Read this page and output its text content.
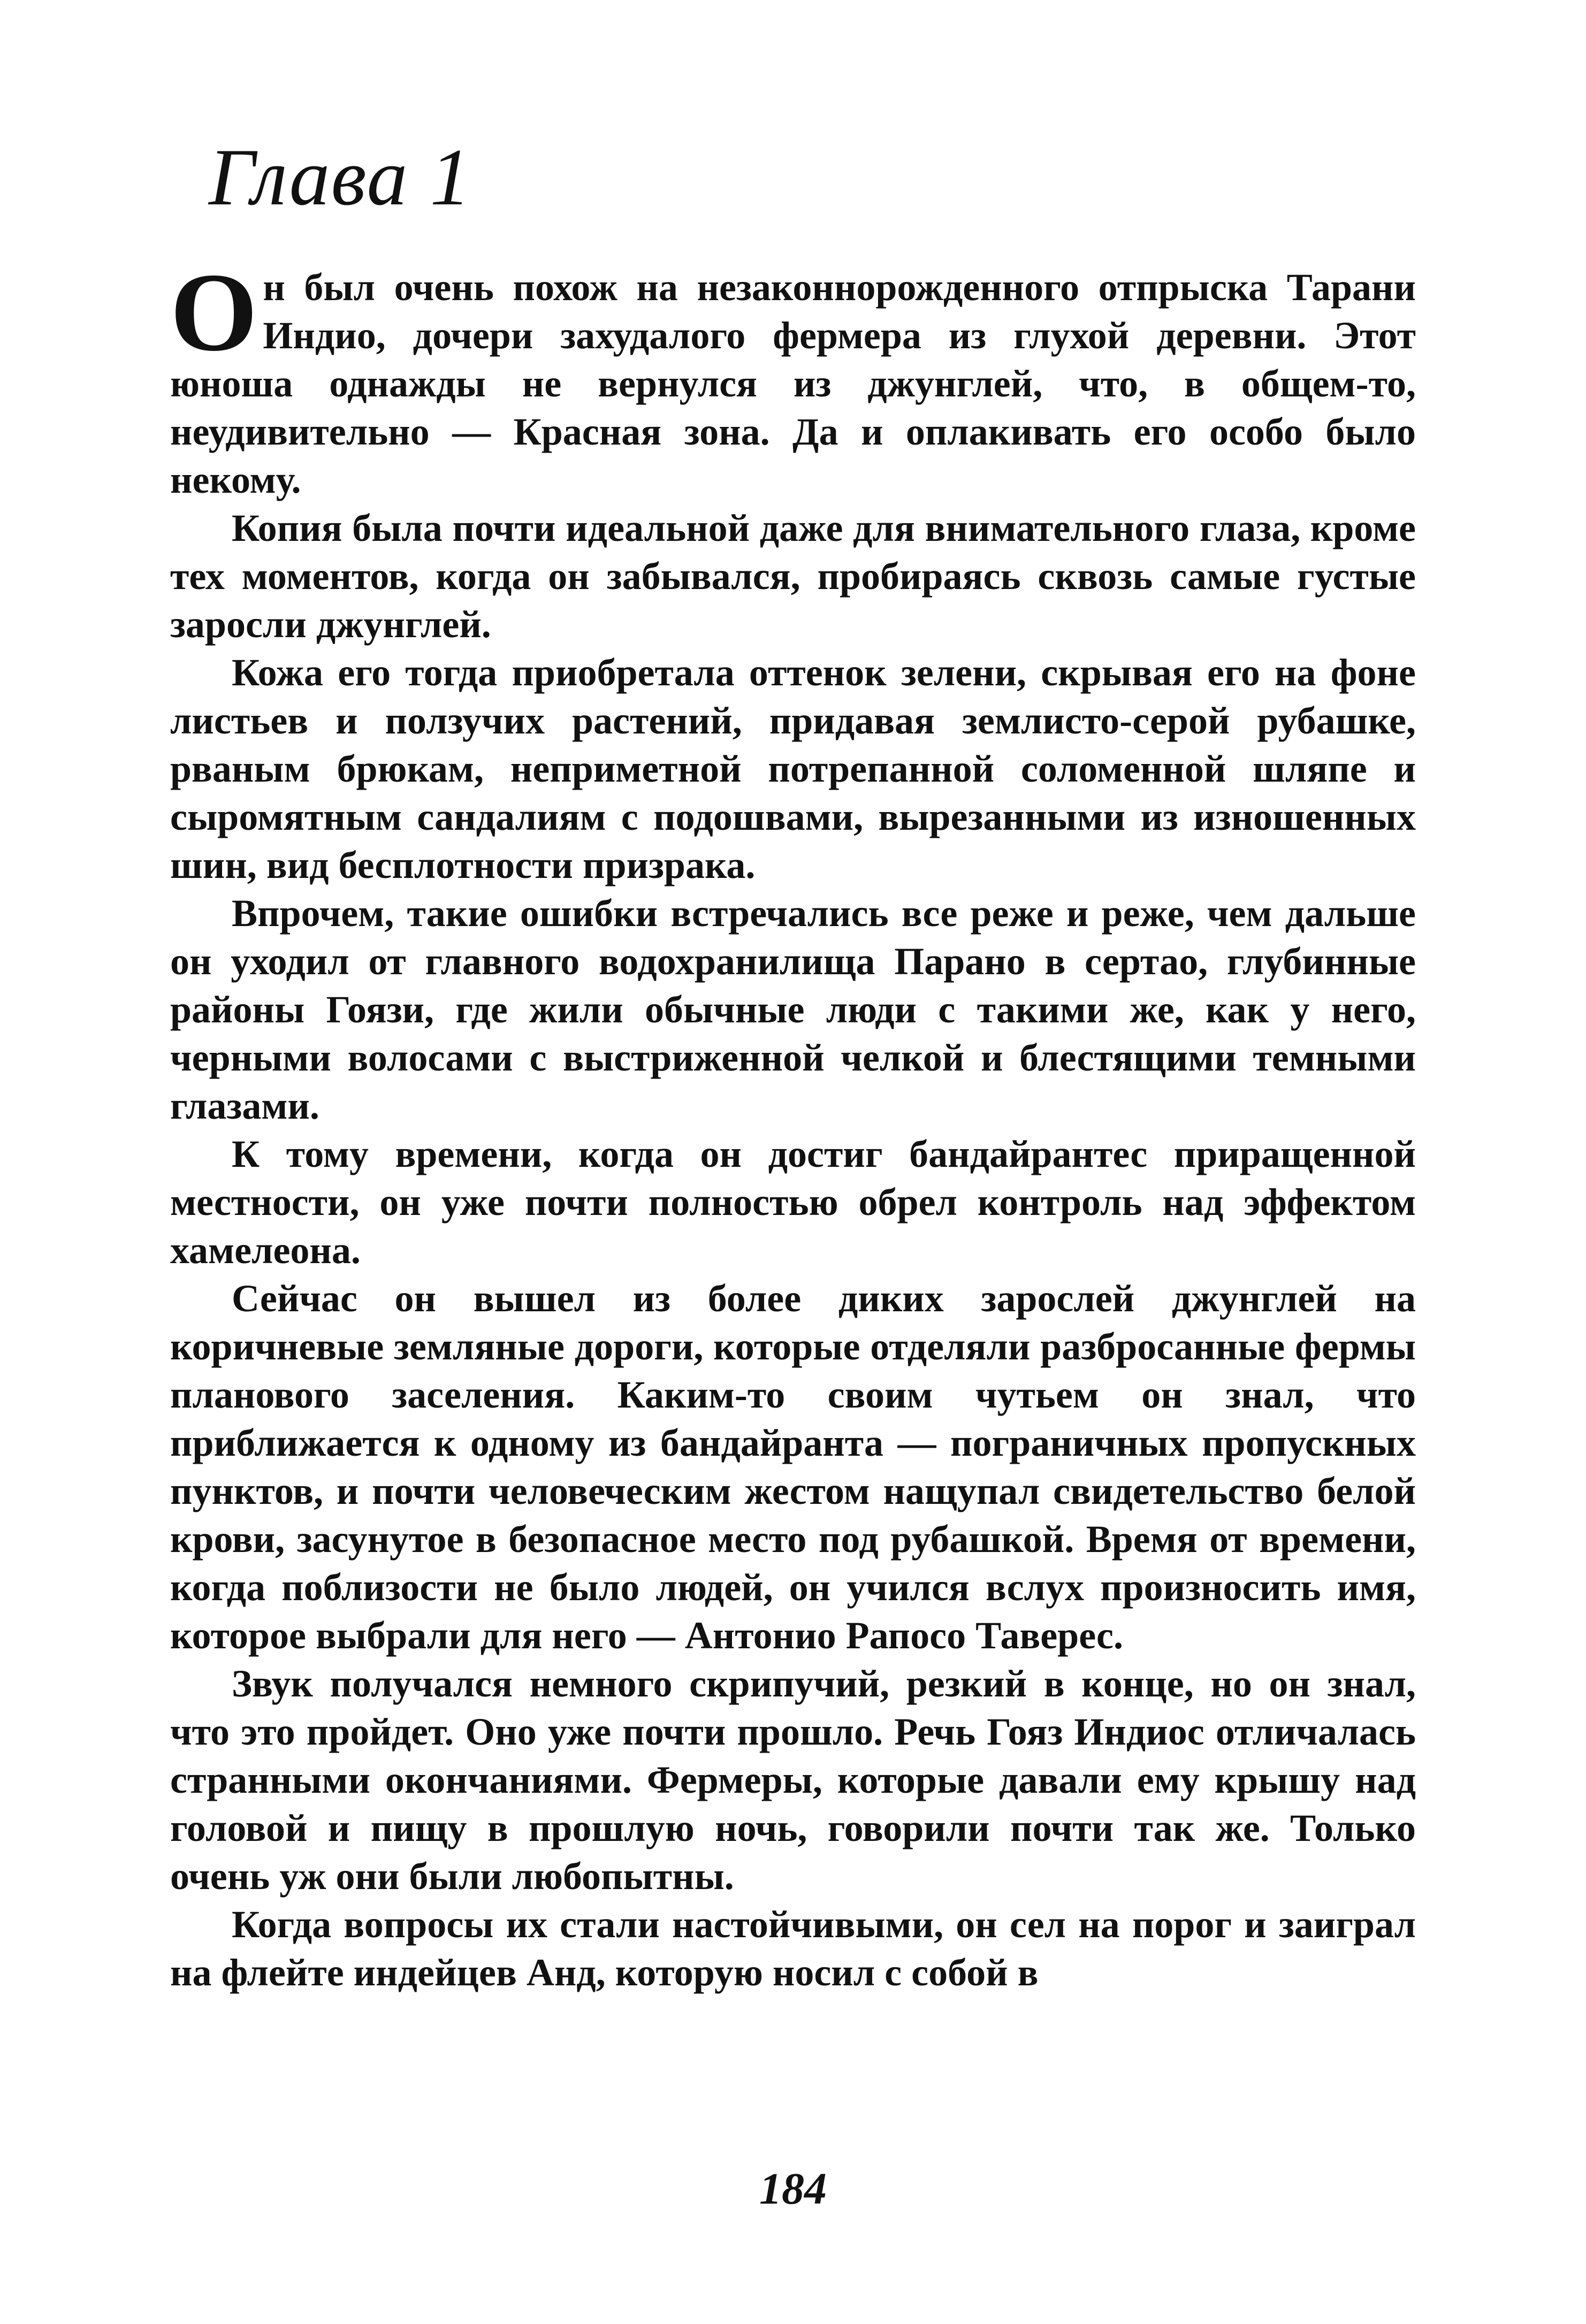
Глава 1

Он был очень похож на незаконнорожденного отпрыска Тарани Индио, дочери захудалого фермера из глухой деревни. Этот юноша однажды не вернулся из джунглей, что, в общем-то, неудивительно — Красная зона. Да и оплакивать его особо было некому.

Копия была почти идеальной даже для внимательного глаза, кроме тех моментов, когда он забывался, пробираясь сквозь самые густые заросли джунглей.

Кожа его тогда приобретала оттенок зелени, скрывая его на фоне листьев и ползучих растений, придавая землисто-серой рубашке, рваным брюкам, неприметной потрепанной соломенной шляпе и сыромятным сандалиям с подошвами, вырезанными из изношенных шин, вид бесплотности призрака.

Впрочем, такие ошибки встречались все реже и реже, чем дальше он уходил от главного водохранилища Парано в сертао, глубинные районы Гоязи, где жили обычные люди с такими же, как у него, черными волосами с выстриженной челкой и блестящими темными глазами.

К тому времени, когда он достиг бандайрантес приращенной местности, он уже почти полностью обрел контроль над эффектом хамелеона.

Сейчас он вышел из более диких зарослей джунглей на коричневые земляные дороги, которые отделяли разбросанные фермы планового заселения. Каким-то своим чутьем он знал, что приближается к одному из бандайранта — пограничных пропускных пунктов, и почти человеческим жестом нащупал свидетельство белой крови, засунутое в безопасное место под рубашкой. Время от времени, когда поблизости не было людей, он учился вслух произносить имя, которое выбрали для него — Антонио Рапосо Таверес.

Звук получался немного скрипучий, резкий в конце, но он знал, что это пройдет. Оно уже почти прошло. Речь Гояз Индиос отличалась странными окончаниями. Фермеры, которые давали ему крышу над головой и пищу в прошлую ночь, говорили почти так же. Только очень уж они были любопытны.

Когда вопросы их стали настойчивыми, он сел на порог и заиграл на флейте индейцев Анд, которую носил с собой в

184
